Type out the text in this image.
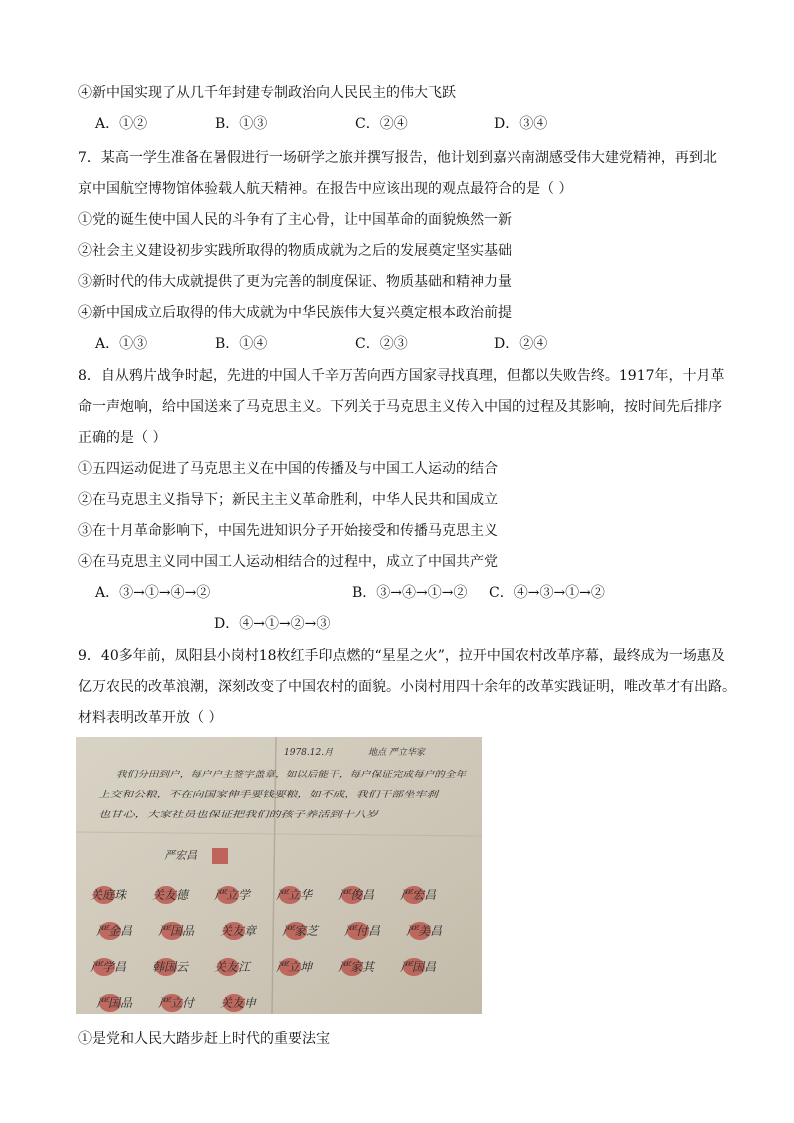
④新中国实现了从几千年封建专制政治向人民民主的伟大飞跃
A．①②	B．①③	C．②④	D．③④
7．某高一学生准备在暑假进行一场研学之旅并撰写报告，他计划到嘉兴南湖感受伟大建党精神，再到北
京中国航空博物馆体验载人航天精神。在报告中应该出现的观点最符合的是（ ）
①党的诞生使中国人民的斗争有了主心骨，让中国革命的面貌焕然一新
②社会主义建设初步实践所取得的物质成就为之后的发展奠定坚实基础
③新时代的伟大成就提供了更为完善的制度保证、物质基础和精神力量
④新中国成立后取得的伟大成就为中华民族伟大复兴奠定根本政治前提
A．①③	B．①④	C．②③	D．②④
8．自从鸦片战争时起，先进的中国人千辛万苦向西方国家寻找真理，但都以失败告终。1917年，十月革
命一声炮响，给中国送来了马克思主义。下列关于马克思主义传入中国的过程及其影响，按时间先后排序
正确的是（ ）
①五四运动促进了马克思主义在中国的传播及与中国工人运动的结合
②在马克思主义指导下；新民主主义革命胜利，中华人民共和国成立
③在十月革命影响下，中国先进知识分子开始接受和传播马克思主义
④在马克思主义同中国工人运动相结合的过程中，成立了中国共产党
A．③→①→④→②	B．③→④→①→② C．④→③→①→②
D．④→①→②→③
9．40多年前，凤阳县小岗村18枚红手印点燃的“星星之火”，拉开中国农村改革序幕，最终成为一场惠及
亿万农民的改革浪潮，深刻改变了中国农村的面貌。小岗村用四十余年的改革实践证明，唯改革才有出路。
材料表明改革开放（ ）
1978.12.月	地点 严立华家
我们分田到户，每户户主签字盖章，如以后能干，每户保证完成每户的全年
上交和公粮，不在向国家伸手要钱要粮，如不成，我们干部坐牢刹
也甘心，大家社员也保证把我们的孩子养活到十八岁
严宏昌
关庭珠 关友德 严立学 严立华 严俊昌 严宏昌
严金昌 严国品 关友章 严家芝 严付昌 严美昌
严学昌 韩国云 关友江 严立坤 严家其 严国昌
严国品 严立付 关友申
①是党和人民大踏步赶上时代的重要法宝
